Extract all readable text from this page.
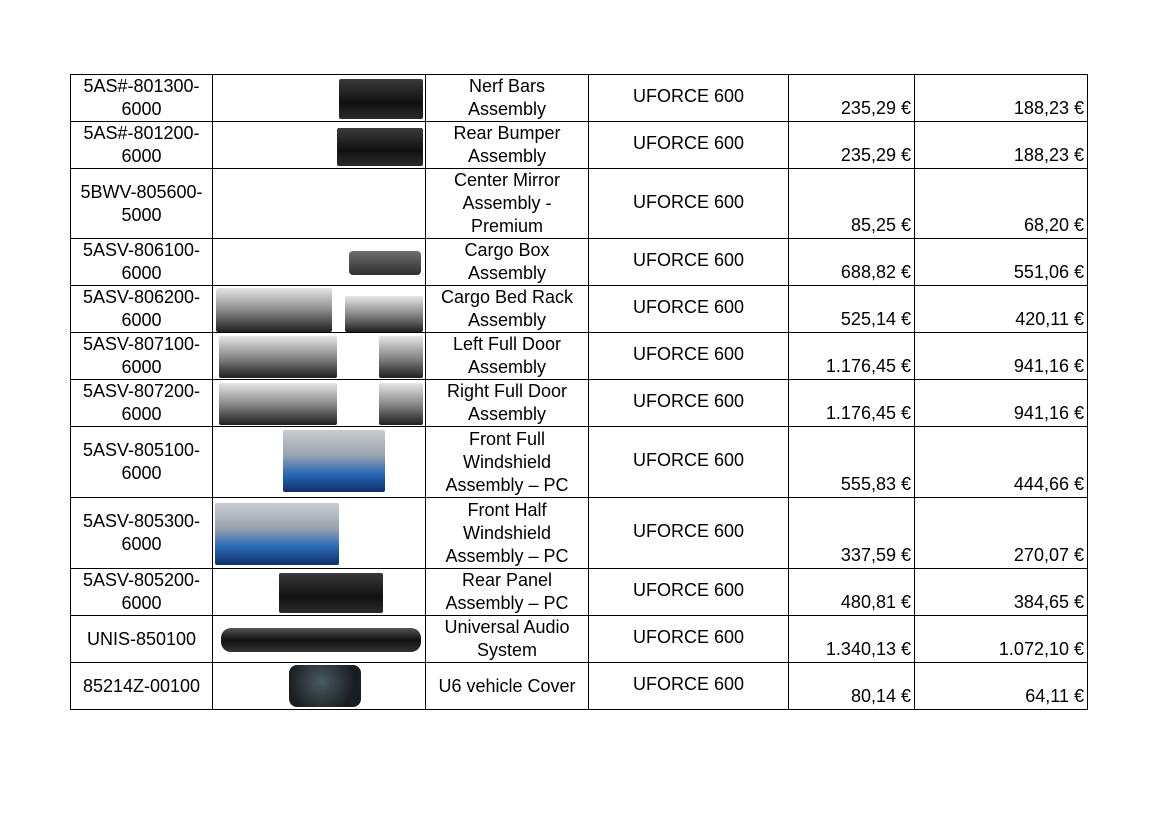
5AS#-801300-6000		Nerf Bars Assembly	UFORCE 600	235,29 €	188,23 €
5AS#-801200-6000		Rear Bumper Assembly	UFORCE 600	235,29 €	188,23 €
5BWV-805600-5000		Center Mirror Assembly - Premium	UFORCE 600	85,25 €	68,20 €
5ASV-806100-6000		Cargo Box Assembly	UFORCE 600	688,82 €	551,06 €
5ASV-806200-6000		Cargo Bed Rack Assembly	UFORCE 600	525,14 €	420,11 €
5ASV-807100-6000		Left Full Door Assembly	UFORCE 600	1.176,45 €	941,16 €
5ASV-807200-6000		Right Full Door Assembly	UFORCE 600	1.176,45 €	941,16 €
5ASV-805100-6000		Front Full Windshield Assembly – PC	UFORCE 600	555,83 €	444,66 €
5ASV-805300-6000		Front Half Windshield Assembly – PC	UFORCE 600	337,59 €	270,07 €
5ASV-805200-6000		Rear Panel Assembly – PC	UFORCE 600	480,81 €	384,65 €
UNIS-850100		Universal Audio System	UFORCE 600	1.340,13 €	1.072,10 €
85214Z-00100		U6 vehicle Cover	UFORCE 600	80,14 €	64,11 €
